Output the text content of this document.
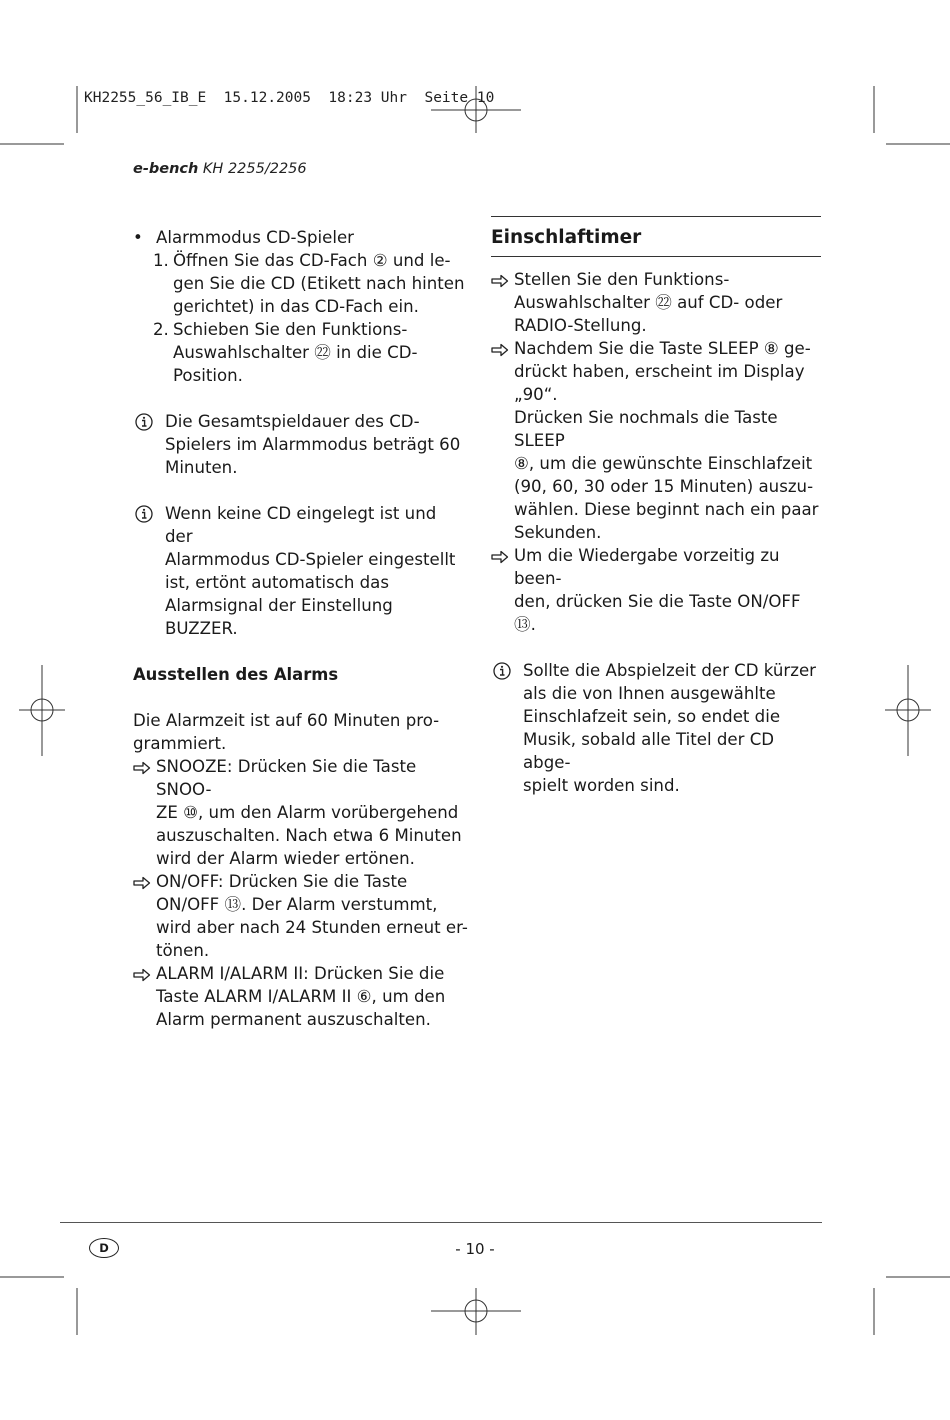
KH2255_56_IB_E  15.12.2005  18:23 Uhr  Seite 10
e-bench KH 2255/2256
• Alarmmodus CD-Spieler
1. Öffnen Sie das CD-Fach ② und le-
gen Sie die CD (Etikett nach hinten
gerichtet) in das CD-Fach ein.
2. Schieben Sie den Funktions-
Auswahlschalter ㉒ in die CD-
Position.
Die Gesamtspieldauer des CD-
Spielers im Alarmmodus beträgt 60
Minuten.
Wenn keine CD eingelegt ist und der
Alarmmodus CD-Spieler eingestellt
ist, ertönt automatisch das
Alarmsignal der Einstellung BUZZER.
Ausstellen des Alarms
Die Alarmzeit ist auf 60 Minuten pro-
grammiert.
SNOOZE: Drücken Sie die Taste SNOO-
ZE ⑩, um den Alarm vorübergehend
auszuschalten. Nach etwa 6 Minuten
wird der Alarm wieder ertönen.
ON/OFF: Drücken Sie die Taste
ON/OFF ⑬. Der Alarm verstummt,
wird aber nach 24 Stunden erneut er-
tönen.
ALARM I/ALARM II: Drücken Sie die
Taste ALARM I/ALARM II ⑥, um den
Alarm permanent auszuschalten.
Einschlaftimer
Stellen Sie den Funktions-
Auswahlschalter ㉒ auf CD- oder
RADIO-Stellung.
Nachdem Sie die Taste SLEEP ⑧ ge-
drückt haben, erscheint im Display
„90“.
Drücken Sie nochmals die Taste SLEEP
⑧, um die gewünschte Einschlafzeit
(90, 60, 30 oder 15 Minuten) auszu-
wählen. Diese beginnt nach ein paar
Sekunden.
Um die Wiedergabe vorzeitig zu been-
den, drücken Sie die Taste ON/OFF ⑬.
Sollte die Abspielzeit der CD kürzer
als die von Ihnen ausgewählte
Einschlafzeit sein, so endet die
Musik, sobald alle Titel der CD abge-
spielt worden sind.
D	- 10 -
